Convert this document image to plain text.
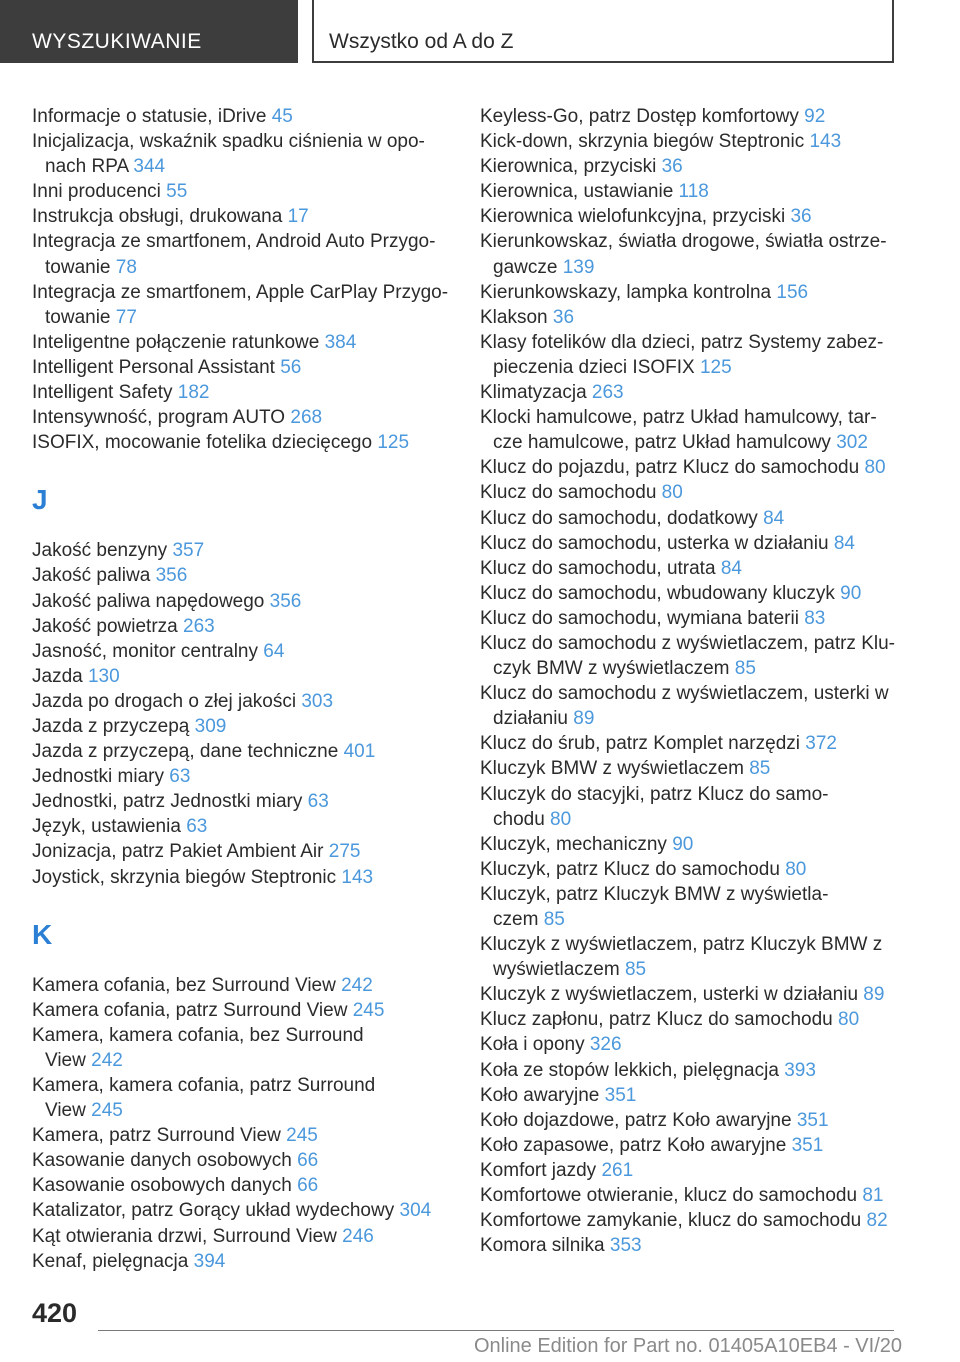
WYSZUKIWANIE	Wszystko od A do Z
Informacje o statusie, iDrive 45
Inicjalizacja, wskaźnik spadku ciśnienia w opo‐
nach RPA 344
Inni producenci 55
Instrukcja obsługi, drukowana 17
Integracja ze smartfonem, Android Auto Przygo‐
towanie 78
Integracja ze smartfonem, Apple CarPlay Przygo‐
towanie 77
Inteligentne połączenie ratunkowe 384
Intelligent Personal Assistant 56
Intelligent Safety 182
Intensywność, program AUTO 268
ISOFIX, mocowanie fotelika dziecięcego 125
J
Jakość benzyny 357
Jakość paliwa 356
Jakość paliwa napędowego 356
Jakość powietrza 263
Jasność, monitor centralny 64
Jazda 130
Jazda po drogach o złej jakości 303
Jazda z przyczepą 309
Jazda z przyczepą, dane techniczne 401
Jednostki miary 63
Jednostki, patrz Jednostki miary 63
Język, ustawienia 63
Jonizacja, patrz Pakiet Ambient Air 275
Joystick, skrzynia biegów Steptronic 143
K
Kamera cofania, bez Surround View 242
Kamera cofania, patrz Surround View 245
Kamera, kamera cofania, bez Surround
View 242
Kamera, kamera cofania, patrz Surround
View 245
Kamera, patrz Surround View 245
Kasowanie danych osobowych 66
Kasowanie osobowych danych 66
Katalizator, patrz Gorący układ wydechowy 304
Kąt otwierania drzwi, Surround View 246
Kenaf, pielęgnacja 394
Keyless-Go, patrz Dostęp komfortowy 92
Kick-down, skrzynia biegów Steptronic 143
Kierownica, przyciski 36
Kierownica, ustawianie 118
Kierownica wielofunkcyjna, przyciski 36
Kierunkowskaz, światła drogowe, światła ostrze‐
gawcze 139
Kierunkowskazy, lampka kontrolna 156
Klakson 36
Klasy fotelików dla dzieci, patrz Systemy zabez‐
pieczenia dzieci ISOFIX 125
Klimatyzacja 263
Klocki hamulcowe, patrz Układ hamulcowy, tar‐
cze hamulcowe, patrz Układ hamulcowy 302
Klucz do pojazdu, patrz Klucz do samochodu 80
Klucz do samochodu 80
Klucz do samochodu, dodatkowy 84
Klucz do samochodu, usterka w działaniu 84
Klucz do samochodu, utrata 84
Klucz do samochodu, wbudowany kluczyk 90
Klucz do samochodu, wymiana baterii 83
Klucz do samochodu z wyświetlaczem, patrz Klu‐
czyk BMW z wyświetlaczem 85
Klucz do samochodu z wyświetlaczem, usterki w
działaniu 89
Klucz do śrub, patrz Komplet narzędzi 372
Kluczyk BMW z wyświetlaczem 85
Kluczyk do stacyjki, patrz Klucz do samo‐
chodu 80
Kluczyk, mechaniczny 90
Kluczyk, patrz Klucz do samochodu 80
Kluczyk, patrz Kluczyk BMW z wyświetla‐
czem 85
Kluczyk z wyświetlaczem, patrz Kluczyk BMW z
wyświetlaczem 85
Kluczyk z wyświetlaczem, usterki w działaniu 89
Klucz zapłonu, patrz Klucz do samochodu 80
Koła i opony 326
Koła ze stopów lekkich, pielęgnacja 393
Koło awaryjne 351
Koło dojazdowe, patrz Koło awaryjne 351
Koło zapasowe, patrz Koło awaryjne 351
Komfort jazdy 261
Komfortowe otwieranie, klucz do samochodu 81
Komfortowe zamykanie, klucz do samochodu 82
Komora silnika 353
420
Online Edition for Part no. 01405A10EB4 - VI/20
